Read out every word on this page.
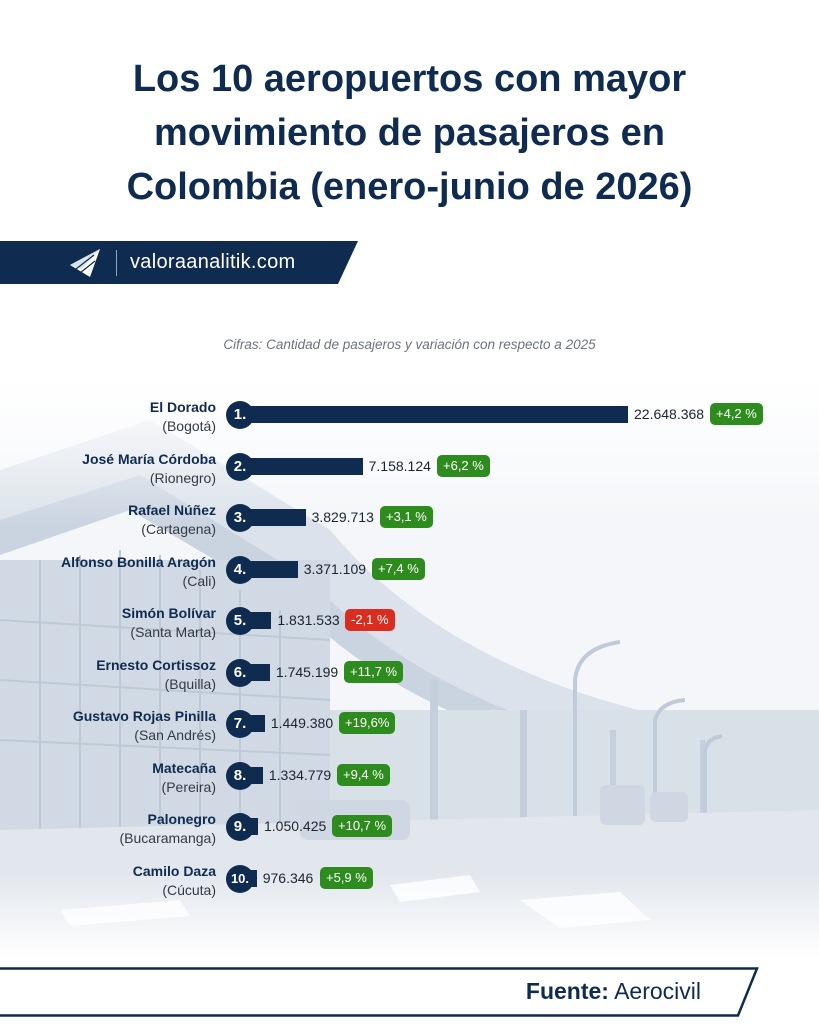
Los 10 aeropuertos con mayor
movimiento de pasajeros en
Colombia (enero-junio de 2026)
valoraanalitik.com
Cifras: Cantidad de pasajeros y variación con respecto a 2025
El Dorado
(Bogotá)
1.	22.648.368 +4,2 %
José María Córdoba
(Rionegro)
2.	7.158.124 +6,2 %
Rafael Núñez
(Cartagena)
3.	3.829.713 +3,1 %
Alfonso Bonilla Aragón
(Cali)
4.	3.371.109 +7,4 %
Simón Bolívar
(Santa Marta)
5.	1.831.533 -2,1 %
Ernesto Cortissoz
(Bquilla)
6.	1.745.199 +11,7 %
Gustavo Rojas Pinilla
(San Andrés)
7.	1.449.380 +19,6%
Matecaña
(Pereira)
8.	1.334.779 +9,4 %
Palonegro
(Bucaramanga)
9.	1.050.425 +10,7 %
Camilo Daza
(Cúcuta)
10. 976.346 +5,9 %
Fuente: Aerocivil
